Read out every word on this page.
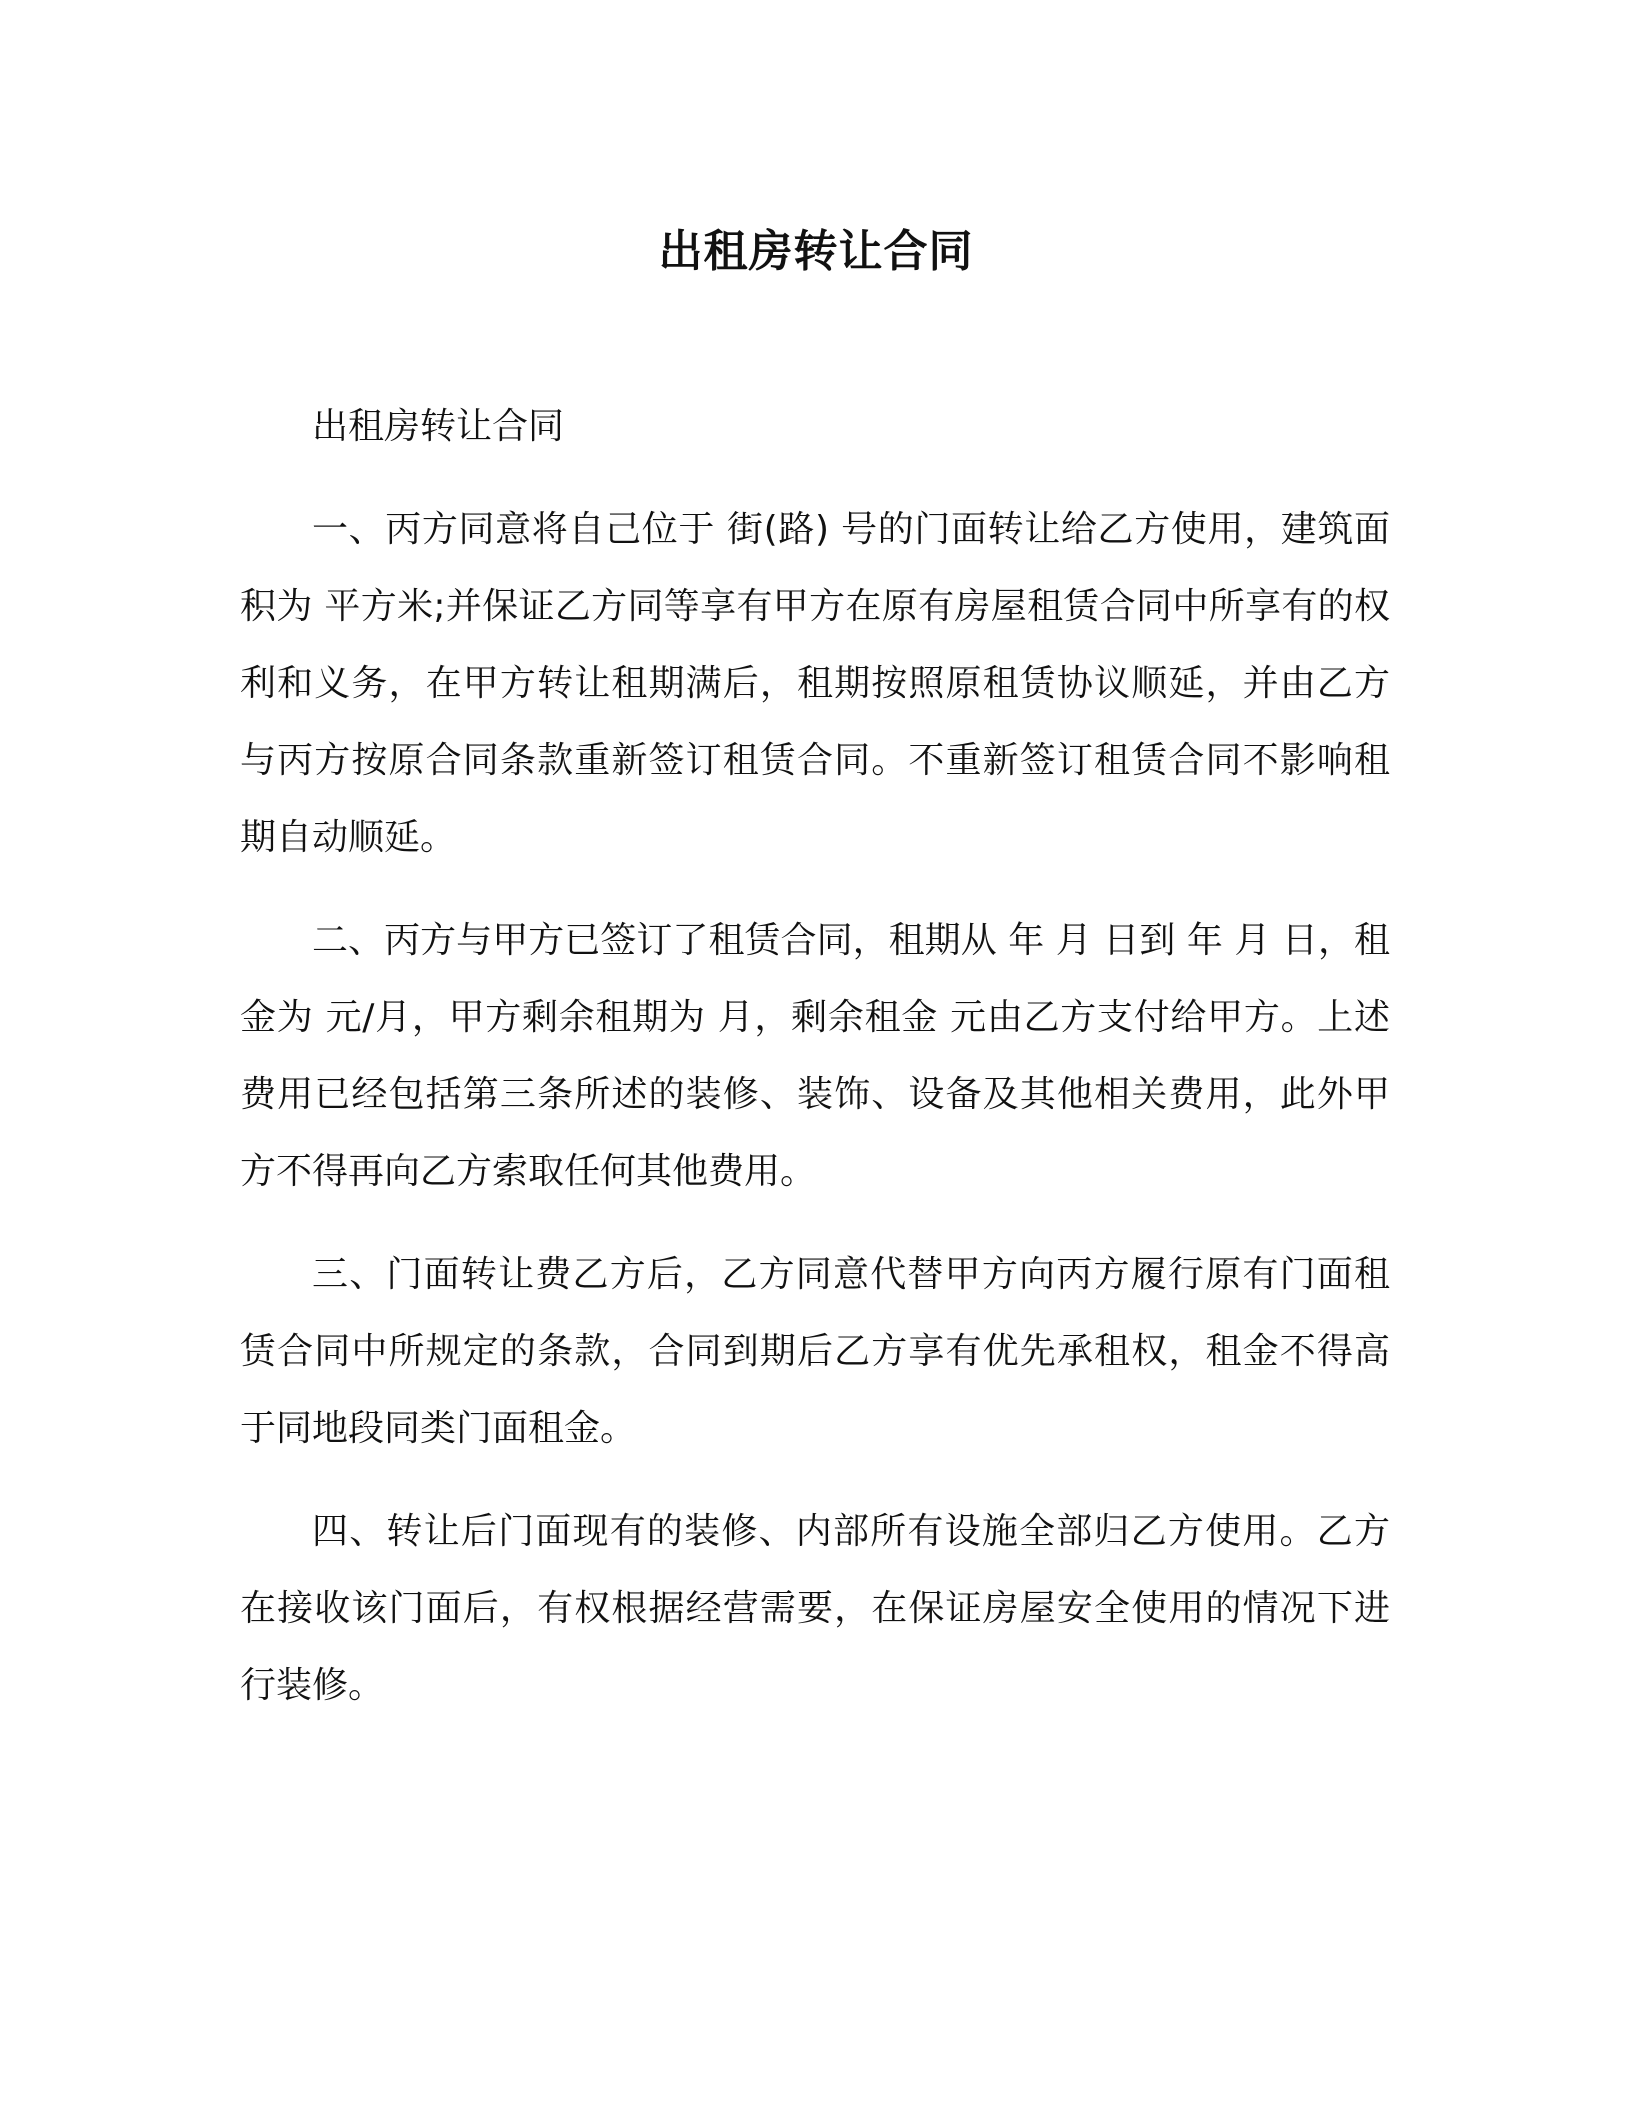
出租房转让合同

出租房转让合同

一、丙方同意将自己位于 街(路) 号的门面转让给乙方使用，建筑面积为 平方米;并保证乙方同等享有甲方在原有房屋租赁合同中所享有的权利和义务，在甲方转让租期满后，租期按照原租赁协议顺延，并由乙方与丙方按原合同条款重新签订租赁合同。不重新签订租赁合同不影响租期自动顺延。

二、丙方与甲方已签订了租赁合同，租期从 年 月 日到 年 月 日，租金为 元/月，甲方剩余租期为 月，剩余租金 元由乙方支付给甲方。上述费用已经包括第三条所述的装修、装饰、设备及其他相关费用，此外甲方不得再向乙方索取任何其他费用。

三、门面转让费乙方后，乙方同意代替甲方向丙方履行原有门面租赁合同中所规定的条款，合同到期后乙方享有优先承租权，租金不得高于同地段同类门面租金。

四、转让后门面现有的装修、内部所有设施全部归乙方使用。乙方在接收该门面后，有权根据经营需要，在保证房屋安全使用的情况下进行装修。
